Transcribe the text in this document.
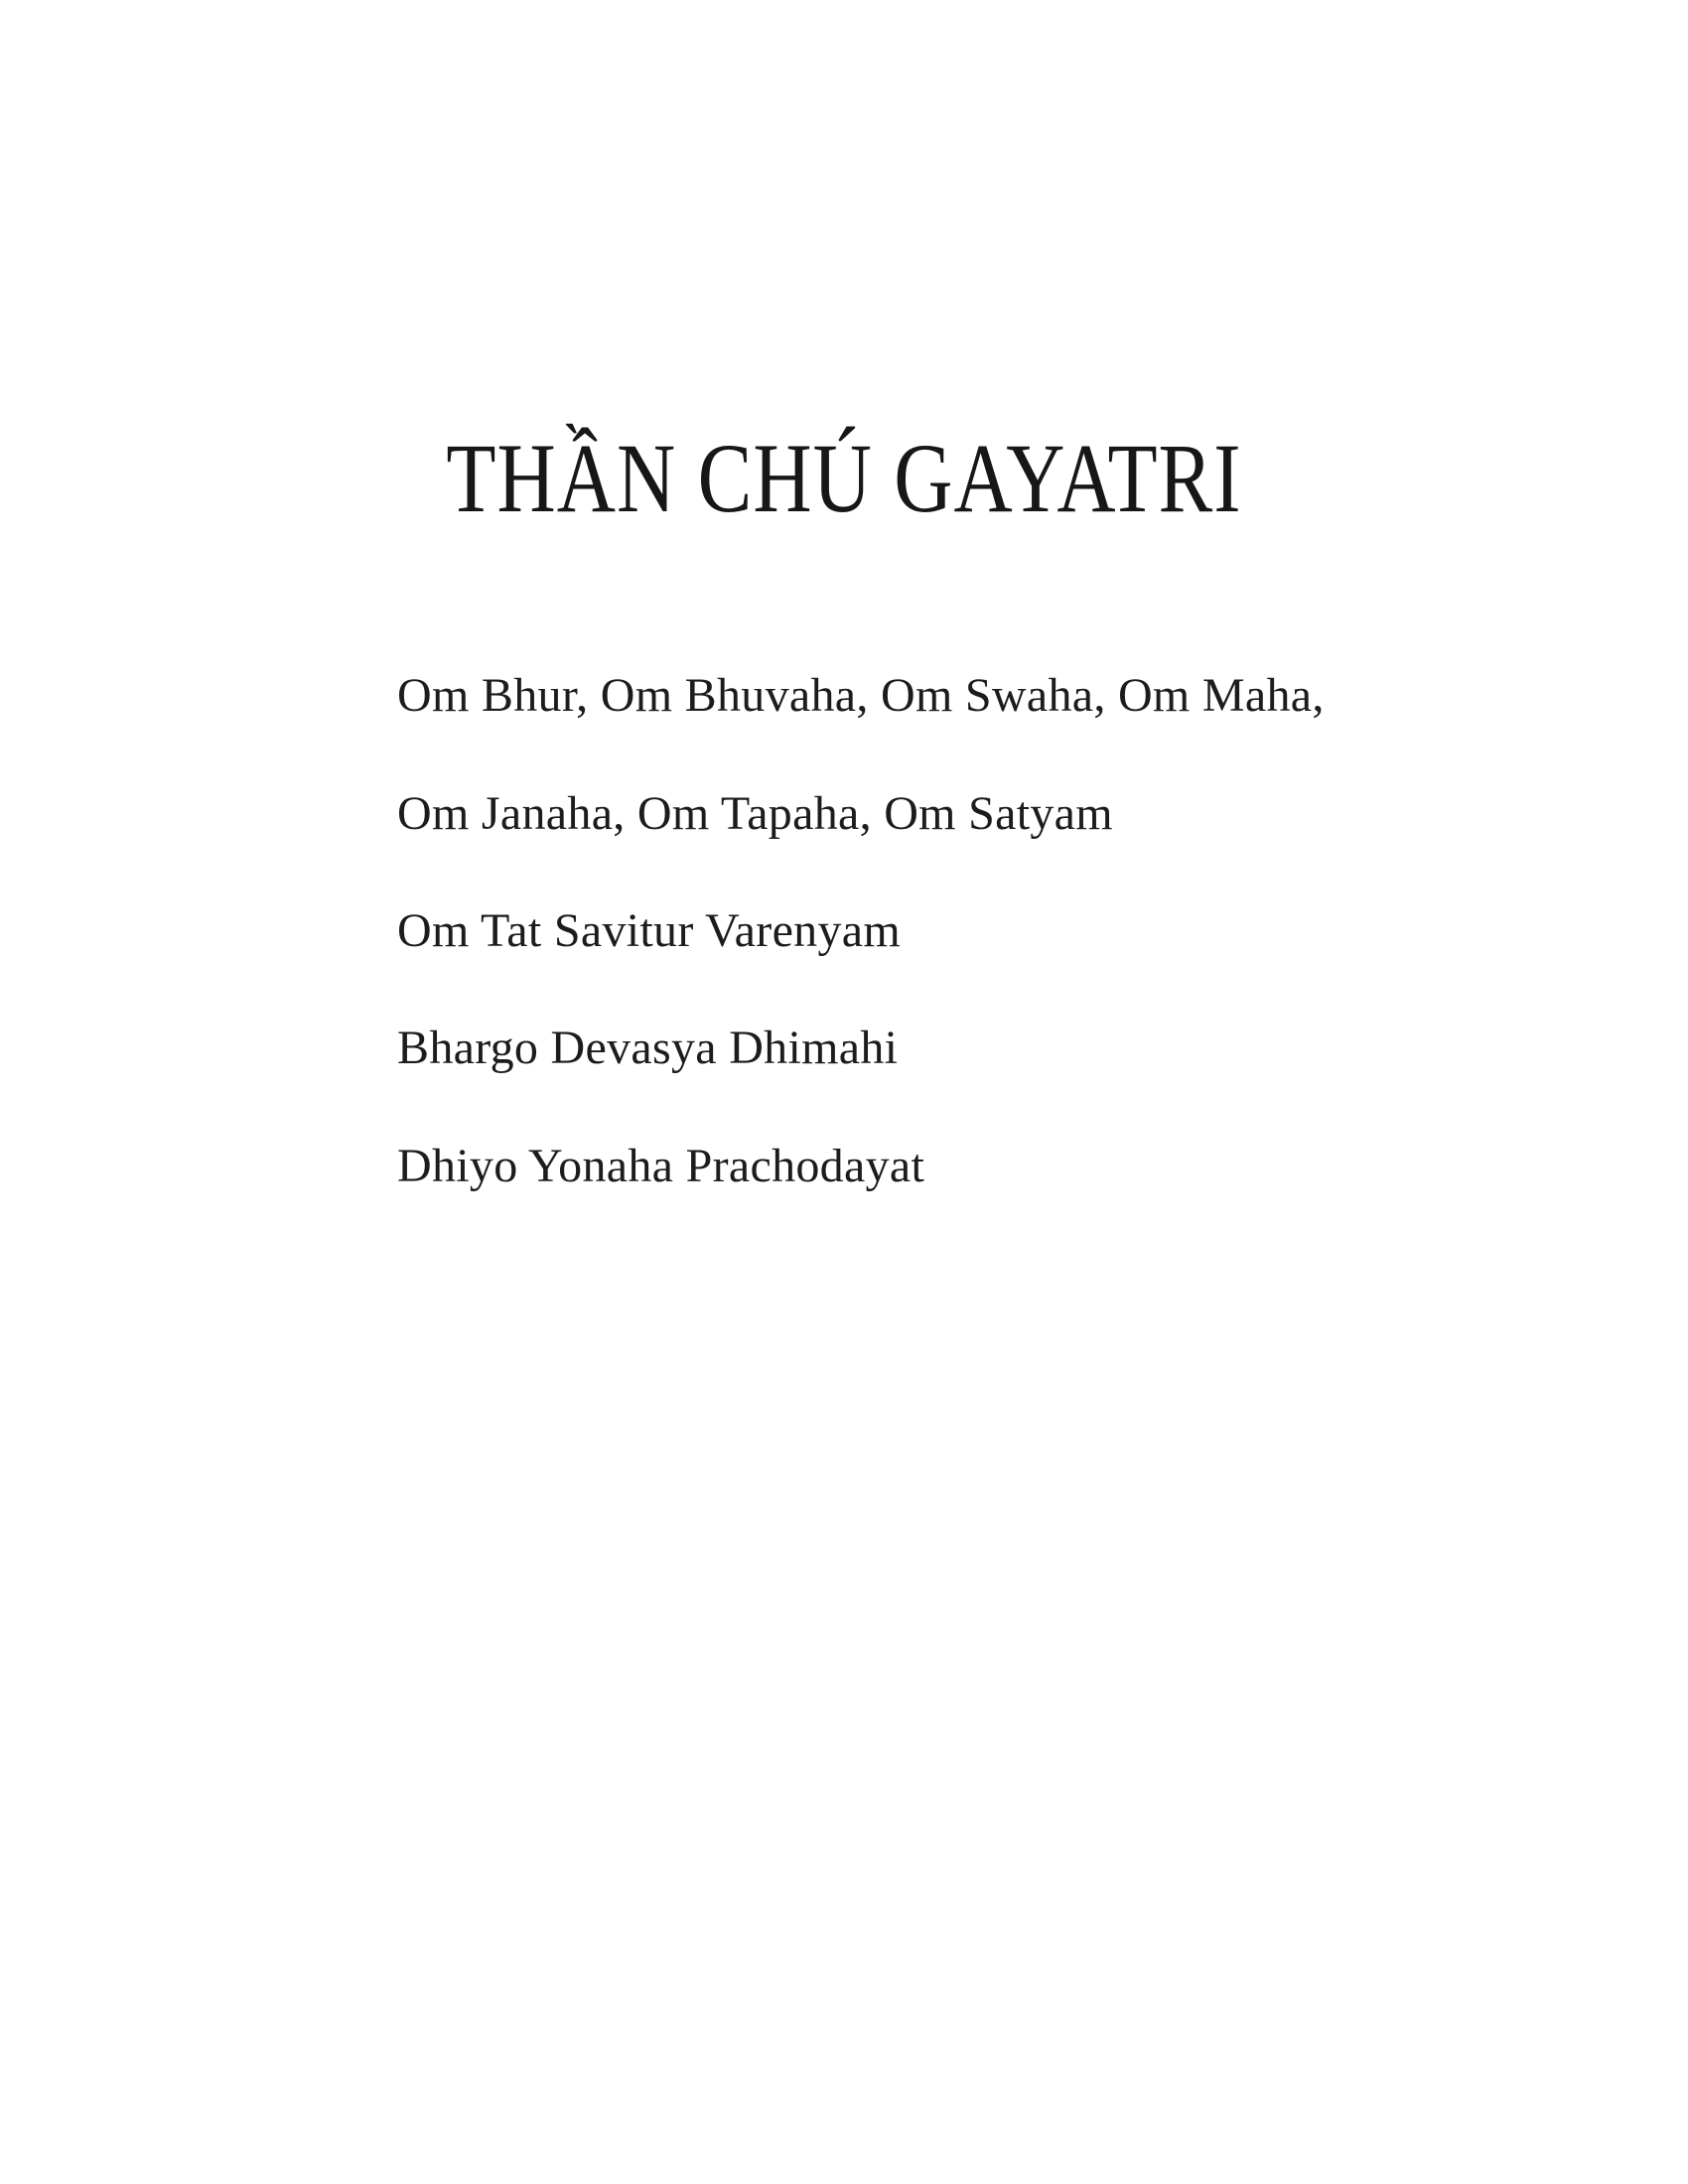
THẦN CHÚ GAYATRI

Om Bhur, Om Bhuvaha, Om Swaha, Om Maha,

Om Janaha, Om Tapaha, Om Satyam

Om Tat Savitur Varenyam

Bhargo Devasya Dhimahi

Dhiyo Yonaha Prachodayat
